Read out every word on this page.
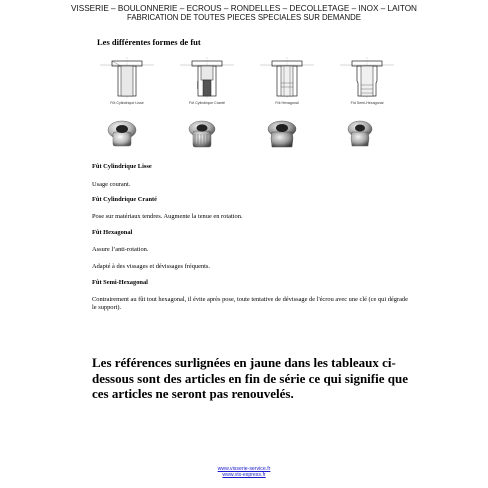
VISSERIE – BOULONNERIE – ECROUS – RONDELLES – DECOLLETAGE – INOX – LAITON
FABRICATION DE TOUTES PIECES SPECIALES SUR DEMANDE
Les différentes formes de fut
Fût Cylindrique Lisse	Fût Cylindrique Cranté	Fût Hexagonal	Fût Semi-Hexagonal
Fût Cylindrique Lisse
Usage courant.
Fût Cylindrique Cranté
Pose sur matériaux tendres. Augmente la tenue en rotation.
Fût Hexagonal
Assure l’anti-rotation.
Adapté à des vissages et dévissages fréquents.
Fût Semi-Hexagonal
Contrairement au fût tout hexagonal, il évite après pose, toute tentative de dévissage de l'écrou avec une clé (ce qui dégrade le support).
Les références surlignées en jaune dans les tableaux ci-dessous sont des articles en fin de série ce qui signifie que ces articles ne seront pas renouvelés.
www.visserie-service.fr
www.vis-express.fr
